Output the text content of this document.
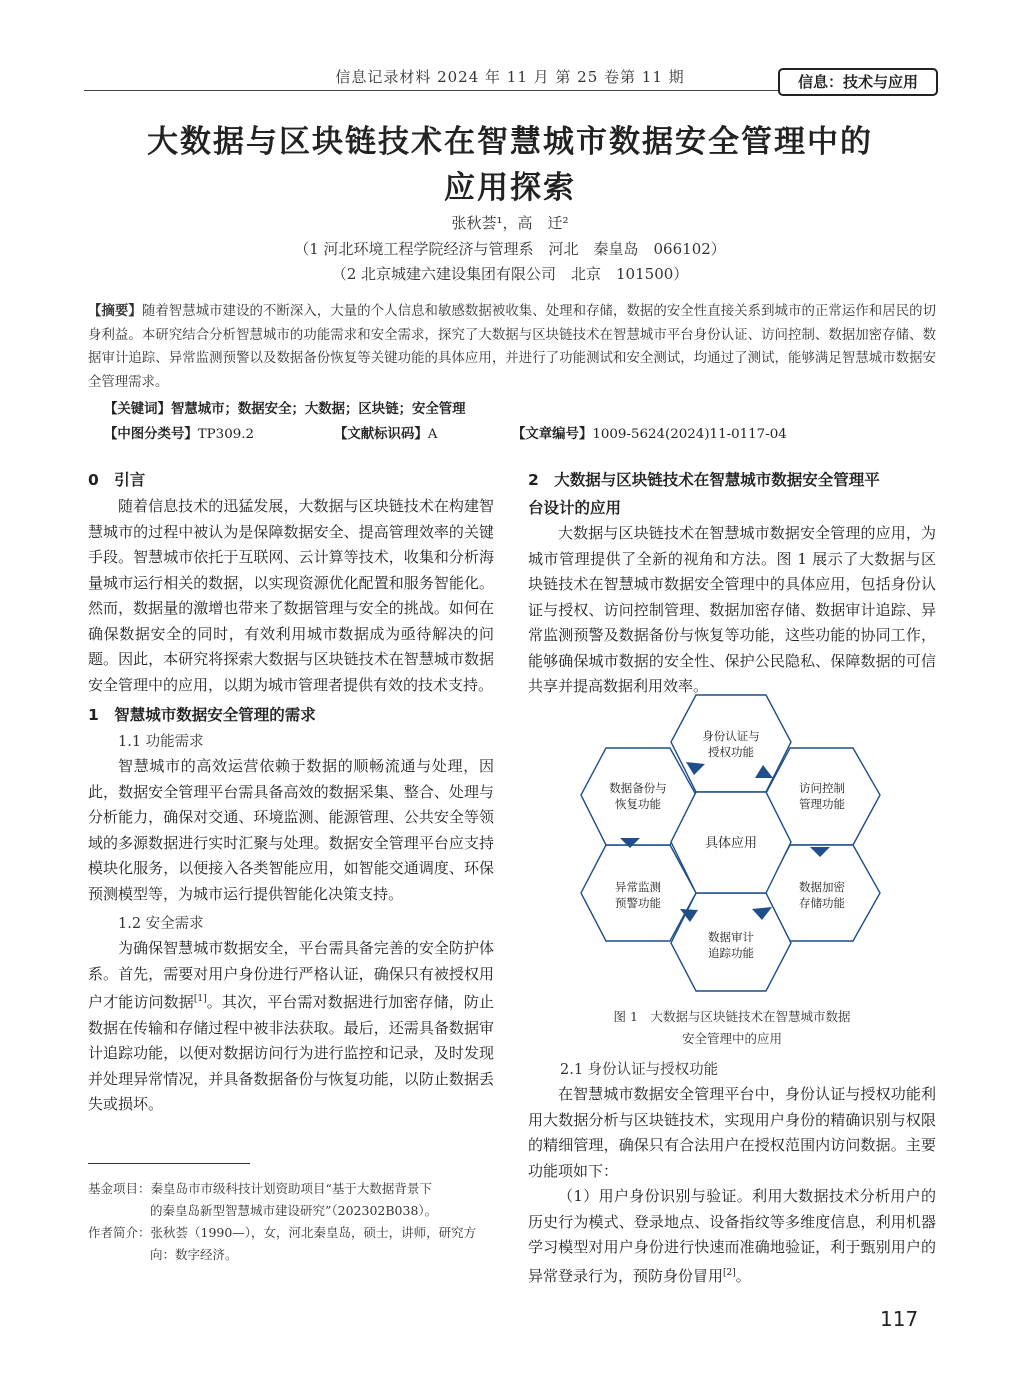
信息记录材料 2024 年 11 月 第 25 卷第 11 期	信息：技术与应用
大数据与区块链技术在智慧城市数据安全管理中的
应用探索
张秋荟¹，高　迁²
（1 河北环境工程学院经济与管理系　河北　秦皇岛　066102）
（2 北京城建六建设集团有限公司　北京　101500）
【摘要】随着智慧城市建设的不断深入，大量的个人信息和敏感数据被收集、处理和存储，数据的安全性直接关系到城市的正常运作和居民的切身利益。本研究结合分析智慧城市的功能需求和安全需求，探究了大数据与区块链技术在智慧城市平台身份认证、访问控制、数据加密存储、数据审计追踪、异常监测预警以及数据备份恢复等关键功能的具体应用，并进行了功能测试和安全测试，均通过了测试，能够满足智慧城市数据安全管理需求。
【关键词】智慧城市；数据安全；大数据；区块链；安全管理
【中图分类号】TP309.2	【文献标识码】A	【文章编号】1009-5624(2024)11-0117-04
0　引言

随着信息技术的迅猛发展，大数据与区块链技术在构建智慧城市的过程中被认为是保障数据安全、提高管理效率的关键手段。智慧城市依托于互联网、云计算等技术，收集和分析海量城市运行相关的数据，以实现资源优化配置和服务智能化。然而，数据量的激增也带来了数据管理与安全的挑战。如何在确保数据安全的同时，有效利用城市数据成为亟待解决的问题。因此，本研究将探索大数据与区块链技术在智慧城市数据安全管理中的应用，以期为城市管理者提供有效的技术支持。

1　智慧城市数据安全管理的需求
1.1 功能需求

智慧城市的高效运营依赖于数据的顺畅流通与处理，因此，数据安全管理平台需具备高效的数据采集、整合、处理与分析能力，确保对交通、环境监测、能源管理、公共安全等领域的多源数据进行实时汇聚与处理。数据安全管理平台应支持模块化服务，以便接入各类智能应用，如智能交通调度、环保预测模型等，为城市运行提供智能化决策支持。

1.2 安全需求

为确保智慧城市数据安全，平台需具备完善的安全防护体系。首先，需要对用户身份进行严格认证，确保只有被授权用户才能访问数据[1]。其次，平台需对数据进行加密存储，防止数据在传输和存储过程中被非法获取。最后，还需具备数据审计追踪功能，以便对数据访问行为进行监控和记录，及时发现并处理异常情况，并具备数据备份与恢复功能，以防止数据丢失或损坏。

基金项目：秦皇岛市市级科技计划资助项目“基于大数据背景下
的秦皇岛新型智慧城市建设研究”（202302B038）。
作者简介：张秋荟（1990—），女，河北秦皇岛，硕士，讲师，研究方
向：数字经济。
2　大数据与区块链技术在智慧城市数据安全管理平
台设计的应用

大数据与区块链技术在智慧城市数据安全管理的应用，为城市管理提供了全新的视角和方法。图 1 展示了大数据与区块链技术在智慧城市数据安全管理中的具体应用，包括身份认证与授权、访问控制管理、数据加密存储、数据审计追踪、异常监测预警及数据备份与恢复等功能，这些功能的协同工作，能够确保城市数据的安全性、保护公民隐私、保障数据的可信共享并提高数据利用效率。

身份认证与
授权功能
访问控制
管理功能
数据加密
存储功能
数据审计
追踪功能
异常监测
预警功能
数据备份与
恢复功能
具体应用
图 1　大数据与区块链技术在智慧城市数据
安全管理中的应用
2.1 身份认证与授权功能

在智慧城市数据安全管理平台中，身份认证与授权功能利用大数据分析与区块链技术，实现用户身份的精确识别与权限的精细管理，确保只有合法用户在授权范围内访问数据。主要功能项如下：

（1）用户身份识别与验证。利用大数据技术分析用户的历史行为模式、登录地点、设备指纹等多维度信息，利用机器学习模型对用户身份进行快速而准确地验证，利于甄别用户的异常登录行为，预防身份冒用[2]。

117
